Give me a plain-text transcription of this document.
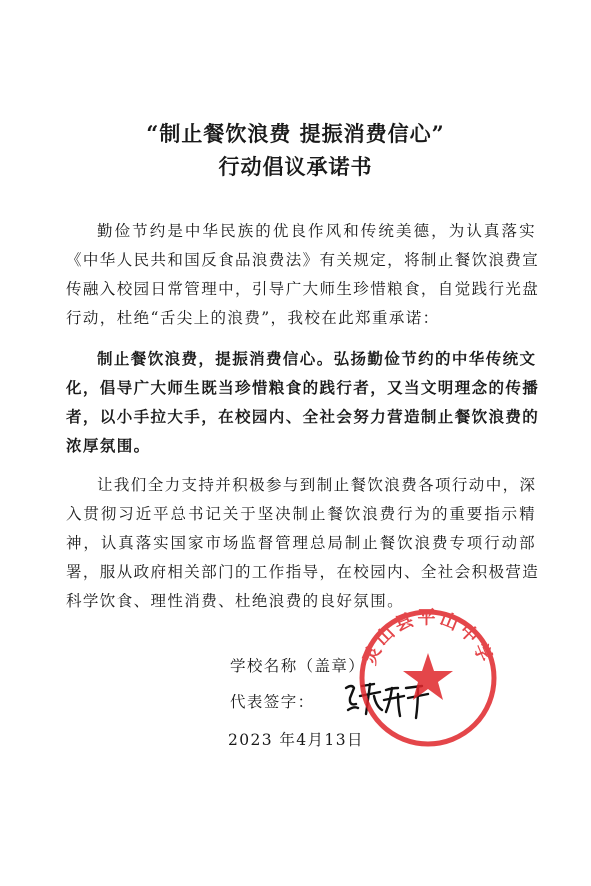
“制止餐饮浪费 提振消费信心”
行动倡议承诺书
勤俭节约是中华民族的优良作风和传统美德，为认真落实
《中华人民共和国反食品浪费法》有关规定，将制止餐饮浪费宣
传融入校园日常管理中，引导广大师生珍惜粮食，自觉践行光盘
行动，杜绝“舌尖上的浪费”，我校在此郑重承诺：
制止餐饮浪费，提振消费信心。弘扬勤俭节约的中华传统文
化，倡导广大师生既当珍惜粮食的践行者，又当文明理念的传播
者，以小手拉大手，在校园内、全社会努力营造制止餐饮浪费的
浓厚氛围。
让我们全力支持并积极参与到制止餐饮浪费各项行动中，深
入贯彻习近平总书记关于坚决制止餐饮浪费行为的重要指示精
神，认真落实国家市场监督管理总局制止餐饮浪费专项行动部
署，服从政府相关部门的工作指导，在校园内、全社会积极营造
科学饮食、理性消费、杜绝浪费的良好氛围。
学校名称（盖章）
代表签字：
2023 年4月13日
灵山县平山中学
